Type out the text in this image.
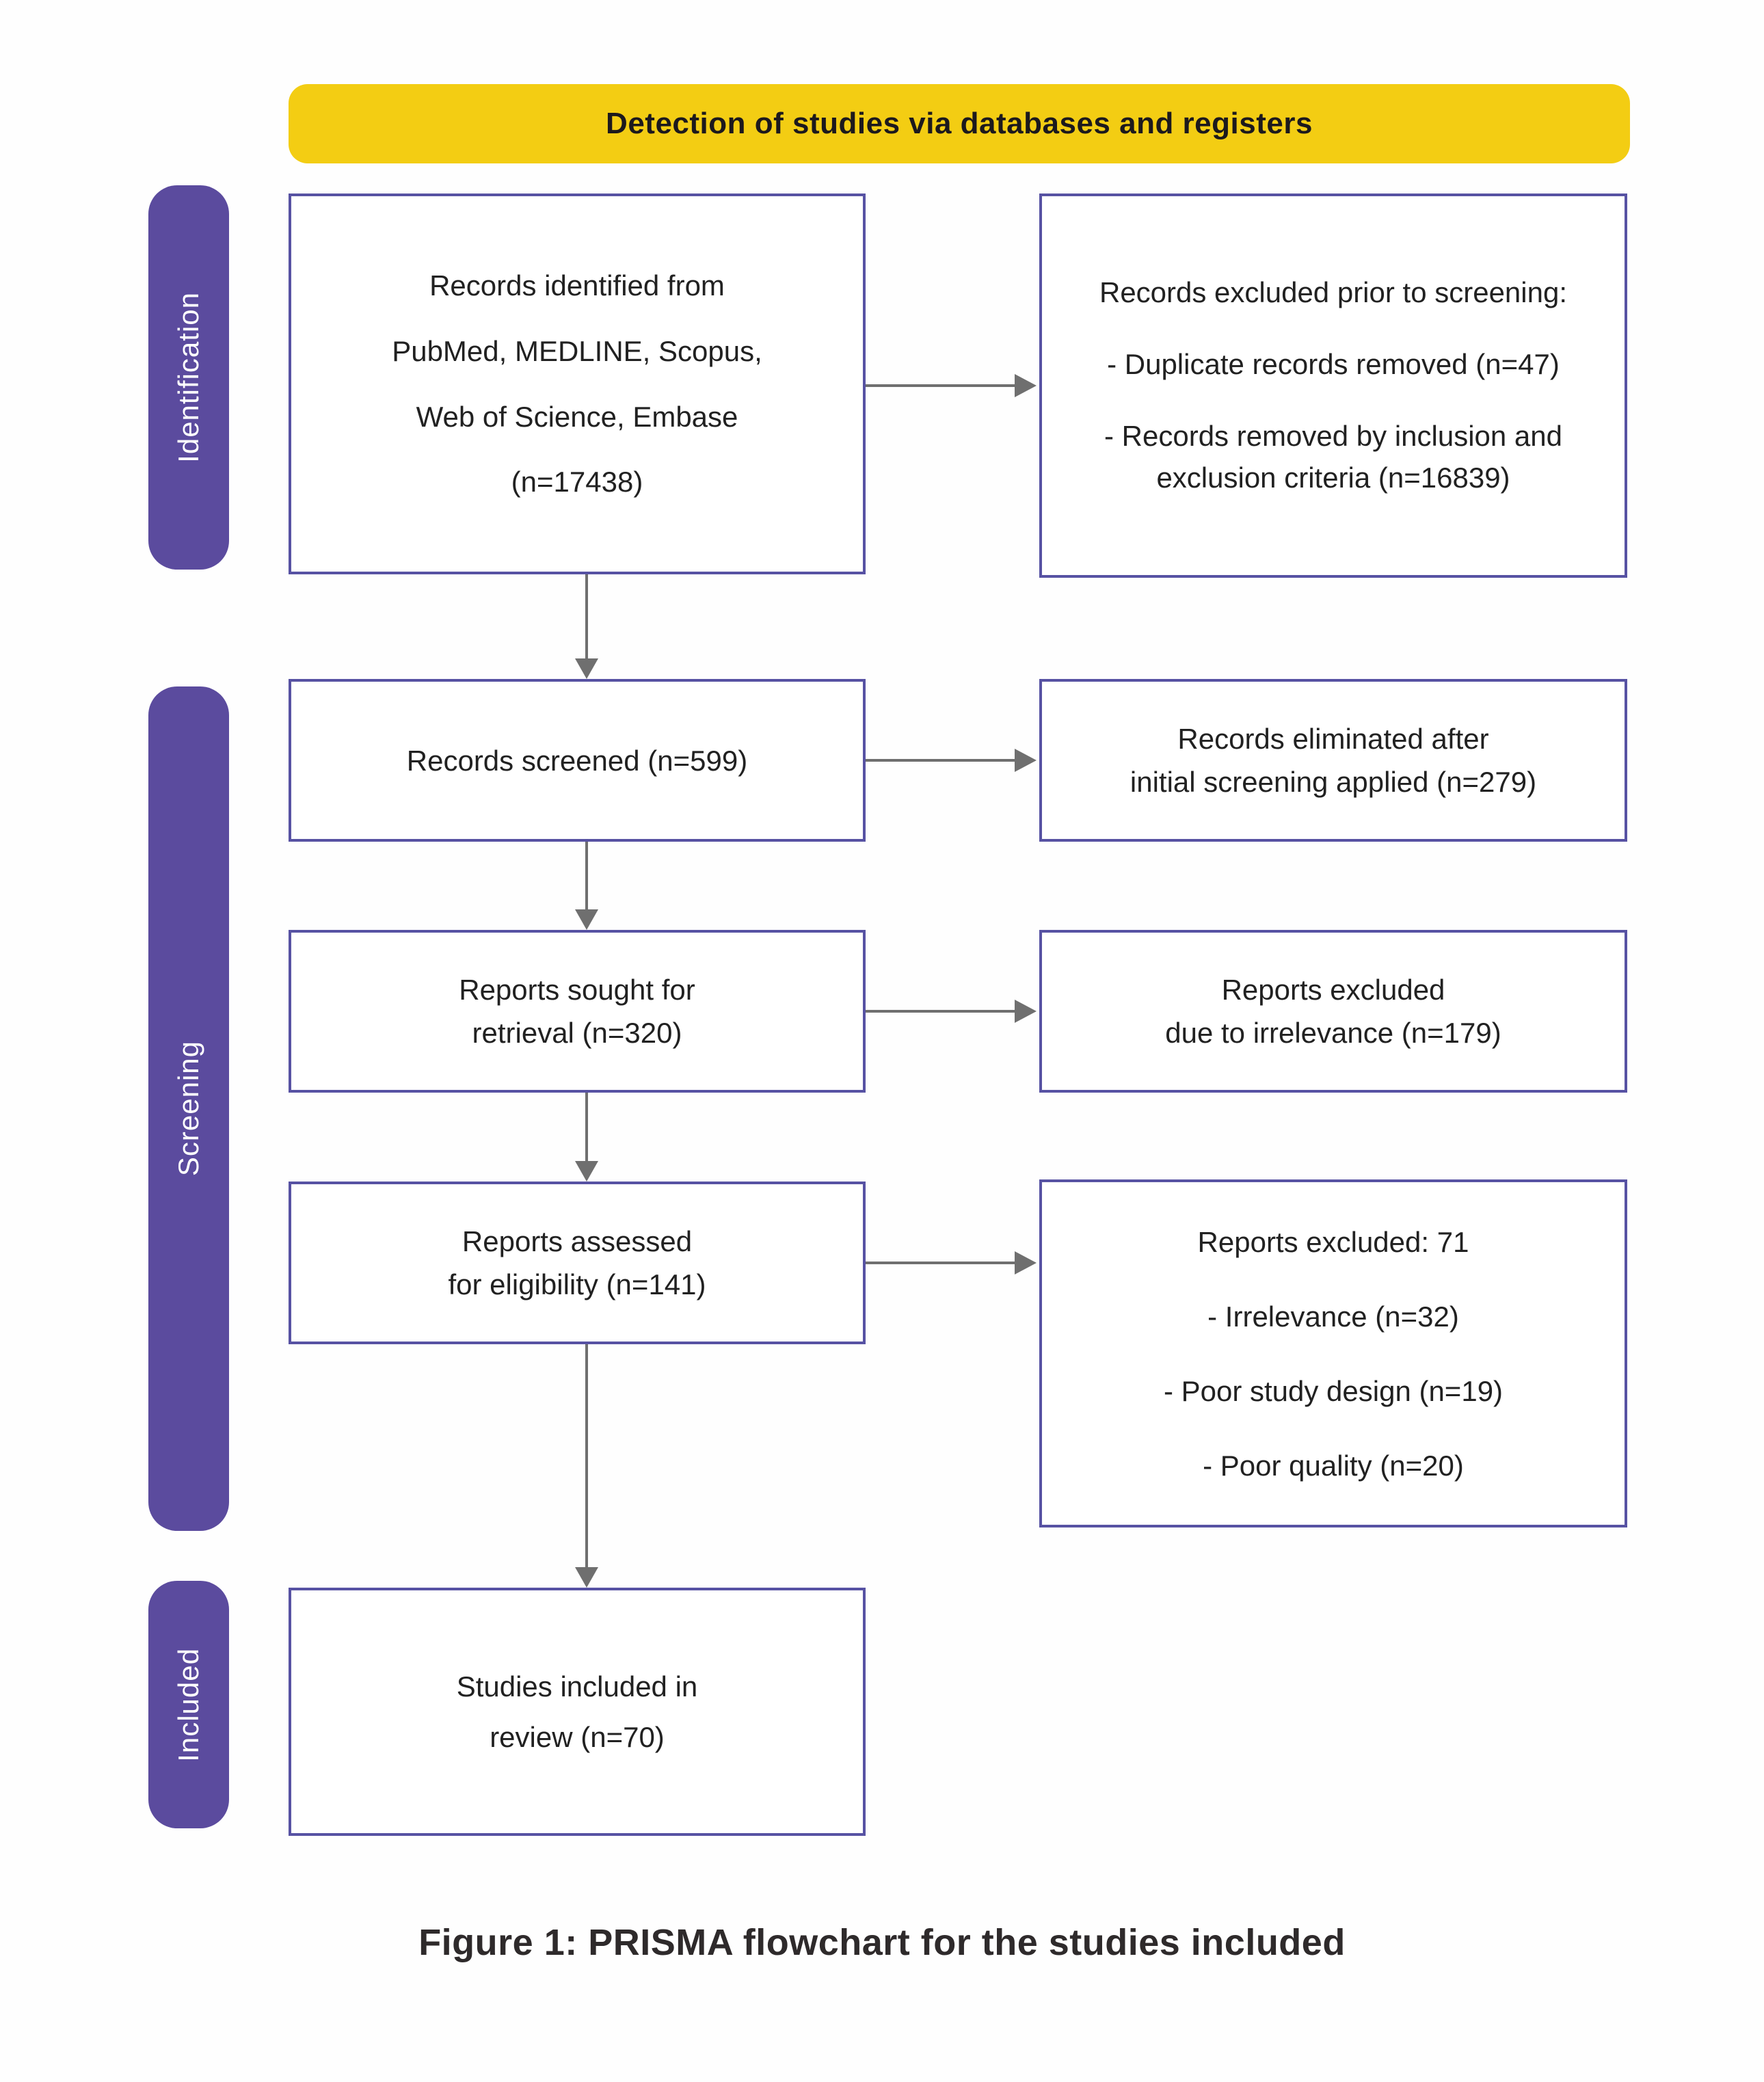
Detection of studies via databases and registers
Identification
Screening
Included
Records identified from
PubMed, MEDLINE, Scopus,
Web of Science, Embase
(n=17438)
Records excluded prior to screening:
- Duplicate records removed (n=47)
- Records removed by inclusion and exclusion criteria (n=16839)
Records screened (n=599)
Records eliminated after
initial screening applied (n=279)
Reports sought for
retrieval (n=320)
Reports excluded
due to irrelevance (n=179)
Reports assessed
for eligibility (n=141)
Reports excluded: 71
- Irrelevance (n=32)
- Poor study design (n=19)
- Poor quality (n=20)
Studies included in
review (n=70)
Figure 1: PRISMA flowchart for the studies included
